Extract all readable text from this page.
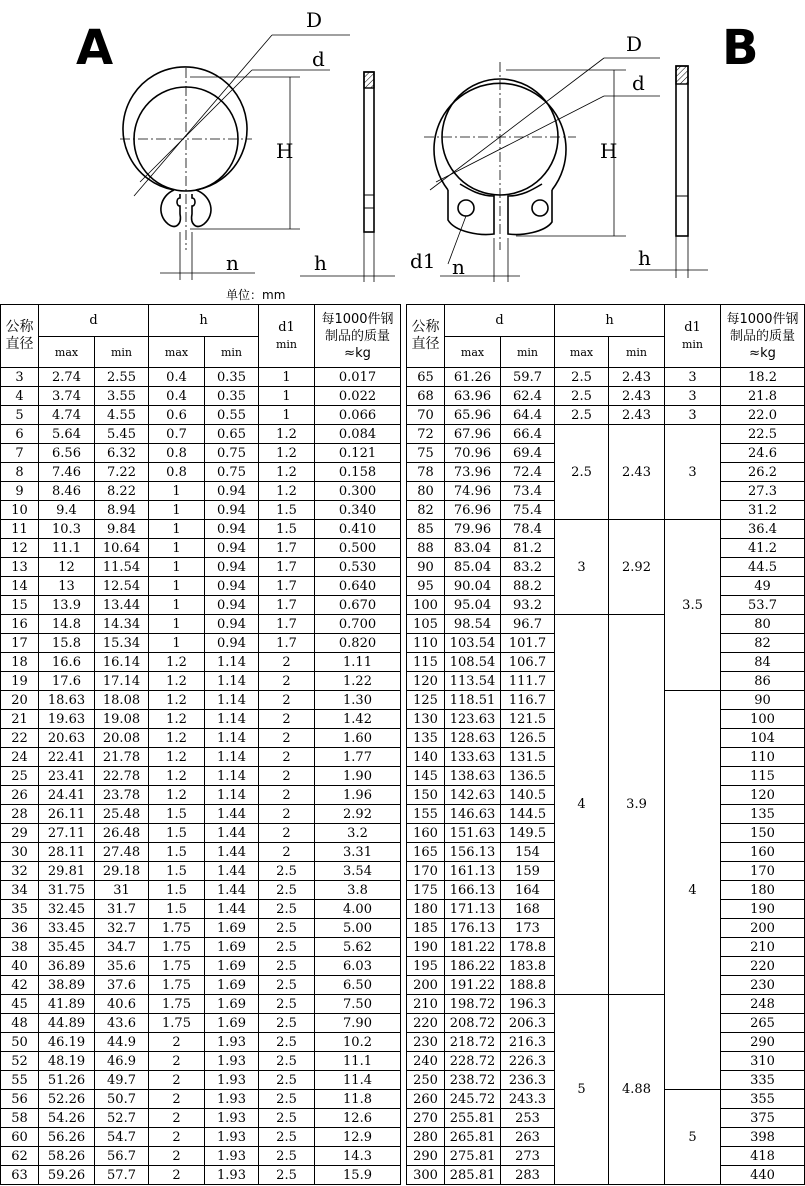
A	B
D
d
H
n	h
D
d
H
d1 n	h
单位：mm
公称直径	d		h		d1
min	每1000件钢制品的质量
≈kg
	max	min	max	min		
3	2.74	2.55	0.4	0.35	1	0.017
4	3.74	3.55	0.4	0.35	1	0.022
5	4.74	4.55	0.6	0.55	1	0.066
6	5.64	5.45	0.7	0.65	1.2	0.084
7	6.56	6.32	0.8	0.75	1.2	0.121
8	7.46	7.22	0.8	0.75	1.2	0.158
9	8.46	8.22	1	0.94	1.2	0.300
10	9.4	8.94	1	0.94	1.5	0.340
11	10.3	9.84	1	0.94	1.5	0.410
12	11.1	10.64	1	0.94	1.7	0.500
13	12	11.54	1	0.94	1.7	0.530
14	13	12.54	1	0.94	1.7	0.640
15	13.9	13.44	1	0.94	1.7	0.670
16	14.8	14.34	1	0.94	1.7	0.700
17	15.8	15.34	1	0.94	1.7	0.820
18	16.6	16.14	1.2	1.14	2	1.11
19	17.6	17.14	1.2	1.14	2	1.22
20	18.63	18.08	1.2	1.14	2	1.30
21	19.63	19.08	1.2	1.14	2	1.42
22	20.63	20.08	1.2	1.14	2	1.60
24	22.41	21.78	1.2	1.14	2	1.77
25	23.41	22.78	1.2	1.14	2	1.90
26	24.41	23.78	1.2	1.14	2	1.96
28	26.11	25.48	1.5	1.44	2	2.92
29	27.11	26.48	1.5	1.44	2	3.2
30	28.11	27.48	1.5	1.44	2	3.31
32	29.81	29.18	1.5	1.44	2.5	3.54
34	31.75	31	1.5	1.44	2.5	3.8
35	32.45	31.7	1.5	1.44	2.5	4.00
36	33.45	32.7	1.75	1.69	2.5	5.00
38	35.45	34.7	1.75	1.69	2.5	5.62
40	36.89	35.6	1.75	1.69	2.5	6.03
42	38.89	37.6	1.75	1.69	2.5	6.50
45	41.89	40.6	1.75	1.69	2.5	7.50
48	44.89	43.6	1.75	1.69	2.5	7.90
50	46.19	44.9	2	1.93	2.5	10.2
52	48.19	46.9	2	1.93	2.5	11.1
55	51.26	49.7	2	1.93	2.5	11.4
56	52.26	50.7	2	1.93	2.5	11.8
58	54.26	52.7	2	1.93	2.5	12.6
60	56.26	54.7	2	1.93	2.5	12.9
62	58.26	56.7	2	1.93	2.5	14.3
63	59.26	57.7	2	1.93	2.5	15.9
公称直径	d		h		d1
min	每1000件钢制品的质量
≈kg
	max	min	max	min		
65	61.26	59.7	2.5	2.43	3	18.2
68	63.96	62.4	2.5	2.43	3	21.8
70	65.96	64.4	2.5	2.43	3	22.0
72	67.96	66.4	2.5	2.43	3	22.5
75	70.96	69.4				24.6
78	73.96	72.4				26.2
80	74.96	73.4				27.3
82	76.96	75.4				31.2
85	79.96	78.4	3	2.92	3.5	36.4
88	83.04	81.2				41.2
90	85.04	83.2				44.5
95	90.04	88.2				49
100	95.04	93.2				53.7
105	98.54	96.7	4	3.9		80
110	103.54	101.7				82
115	108.54	106.7				84
120	113.54	111.7				86
125	118.51	116.7			4	90
130	123.63	121.5				100
135	128.63	126.5				104
140	133.63	131.5				110
145	138.63	136.5				115
150	142.63	140.5				120
155	146.63	144.5				135
160	151.63	149.5				150
165	156.13	154				160
170	161.13	159				170
175	166.13	164				180
180	171.13	168				190
185	176.13	173				200
190	181.22	178.8				210
195	186.22	183.8				220
200	191.22	188.8				230
210	198.72	196.3	5	4.88		248
220	208.72	206.3				265
230	218.72	216.3				290
240	228.72	226.3				310
250	238.72	236.3				335
260	245.72	243.3			5	355
270	255.81	253				375
280	265.81	263				398
290	275.81	273				418
300	285.81	283				440
